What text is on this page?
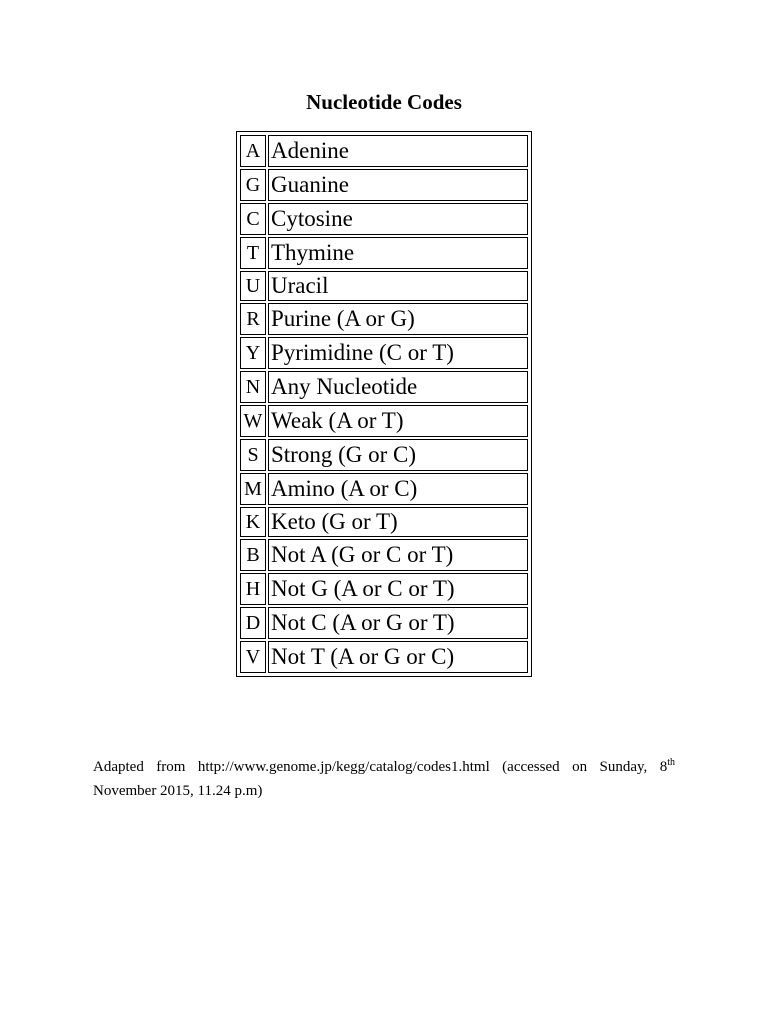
Nucleotide Codes
A	Adenine
G	Guanine
C	Cytosine
T	Thymine
U	Uracil
R	Purine (A or G)
Y	Pyrimidine (C or T)
N	Any Nucleotide
W	Weak (A or T)
S	Strong (G or C)
M	Amino (A or C)
K	Keto (G or T)
B	Not A (G or C or T)
H	Not G (A or C or T)
D	Not C (A or G or T)
V	Not T (A or G or C)

Adapted from http://www.genome.jp/kegg/catalog/codes1.html (accessed on Sunday, 8th November 2015, 11.24 p.m)
